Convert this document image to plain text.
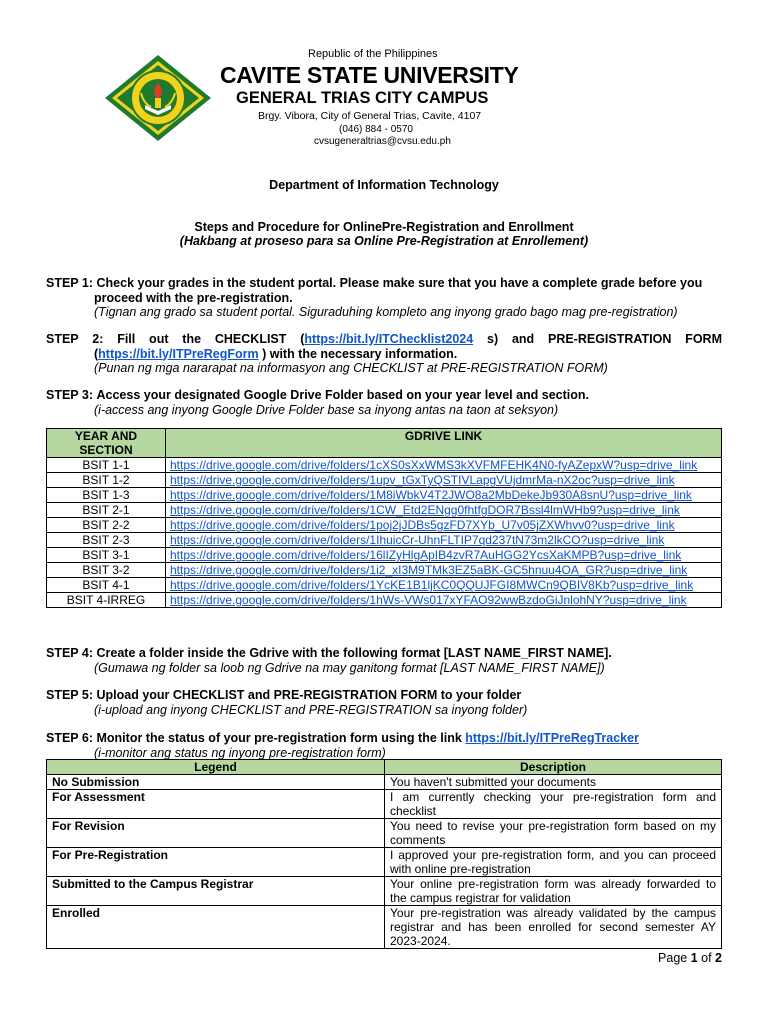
Republic of the Philippines
CAVITE STATE UNIVERSITY
GENERAL TRIAS CITY CAMPUS
Brgy. Vibora, City of General Trias, Cavite, 4107
(046) 884 - 0570
cvsugeneraltrias@cvsu.edu.ph
Department of Information Technology
Steps and Procedure for OnlinePre-Registration and Enrollment
(Hakbang at proseso para sa Online Pre-Registration at Enrollement)
STEP 1: Check your grades in the student portal. Please make sure that you have a complete grade before you
proceed with the pre-registration.
(Tignan ang grado sa student portal. Siguraduhing kompleto ang inyong grado bago mag pre-registration)
STEP 2: Fill out the CHECKLIST (https://bit.ly/ITChecklist2024 s) and PRE-REGISTRATION FORM
(https://bit.ly/ITPreRegForm ) with the necessary information.
(Punan ng mga nararapat na informasyon ang CHECKLIST at PRE-REGISTRATION FORM)
STEP 3: Access your designated Google Drive Folder based on your year level and section.
(i-access ang inyong Google Drive Folder base sa inyong antas na taon at seksyon)
YEAR AND SECTION	GDRIVE LINK
BSIT 1-1	https://drive.google.com/drive/folders/1cXS0sXxWMS3kXVFMFEHK4N0-fyAZepxW?usp=drive_link
BSIT 1-2	https://drive.google.com/drive/folders/1upv_tGxTyQSTIVLapgVUjdmrMa-nX2oc?usp=drive_link
BSIT 1-3	https://drive.google.com/drive/folders/1M8iWbkV4T2JWO8a2MbDekeJb930A8snU?usp=drive_link
BSIT 2-1	https://drive.google.com/drive/folders/1CW_Etd2ENgg0fhtfgDOR7Bssl4lmWHb9?usp=drive_link
BSIT 2-2	https://drive.google.com/drive/folders/1poj2jJDBs5gzFD7XYb_U7v05jZXWhvv0?usp=drive_link
BSIT 2-3	https://drive.google.com/drive/folders/1IhuicCr-UhnFLTIP7qd237tN73m2lkCO?usp=drive_link
BSIT 3-1	https://drive.google.com/drive/folders/16lIZyHlgApIB4zvR7AuHGG2YcsXaKMPB?usp=drive_link
BSIT 3-2	https://drive.google.com/drive/folders/1i2_xI3M9TMk3EZ5aBK-GC5hnuu4OA_GR?usp=drive_link
BSIT 4-1	https://drive.google.com/drive/folders/1YcKE1B1ljKC0QQUJFGI8MWCn9QBIV8Kb?usp=drive_link
BSIT 4-IRREG	https://drive.google.com/drive/folders/1hWs-VWs017xYFAO92wwBzdoGiJnlohNY?usp=drive_link
STEP 4: Create a folder inside the Gdrive with the following format [LAST NAME_FIRST NAME].
(Gumawa ng folder sa loob ng Gdrive na may ganitong format [LAST NAME_FIRST NAME])
STEP 5: Upload your CHECKLIST and PRE-REGISTRATION FORM to your folder
(i-upload ang inyong CHECKLIST and PRE-REGISTRATION sa inyong folder)
STEP 6: Monitor the status of your pre-registration form using the link https://bit.ly/ITPreRegTracker
(i-monitor ang status ng inyong pre-registration form)
Legend	Description
No Submission	You haven't submitted your documents
For Assessment	I am currently checking your pre-registration form and checklist
For Revision	You need to revise your pre-registration form based on my comments
For Pre-Registration	I approved your pre-registration form, and you can proceed with online pre-registration
Submitted to the Campus Registrar	Your online pre-registration form was already forwarded to the campus registrar for validation
Enrolled	Your pre-registration was already validated by the campus registrar and has been enrolled for second semester AY 2023-2024.
Page 1 of 2
